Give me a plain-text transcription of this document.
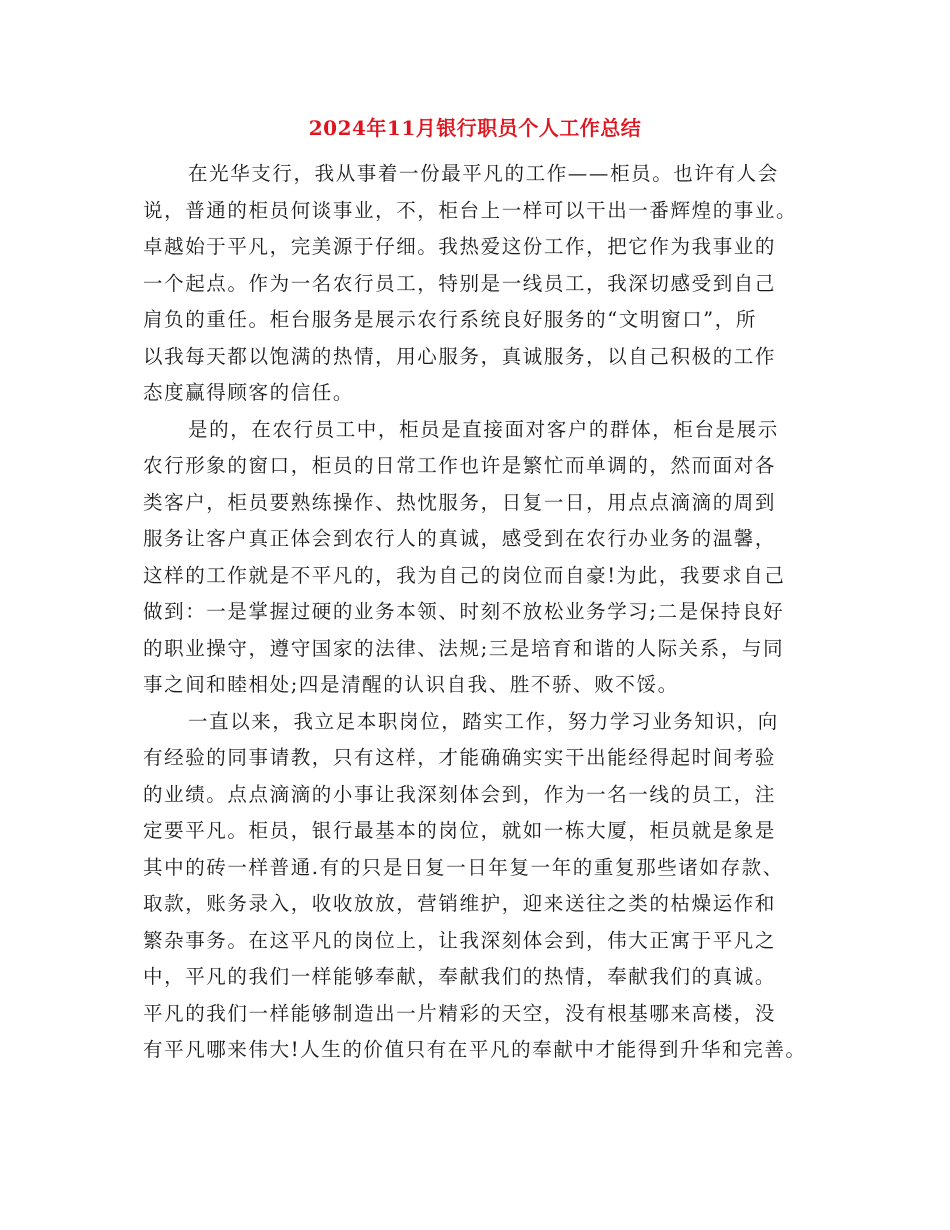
2024年11月银行职员个人工作总结
在光华支行，我从事着一份最平凡的工作——柜员。也许有人会
说，普通的柜员何谈事业，不，柜台上一样可以干出一番辉煌的事业。
卓越始于平凡，完美源于仔细。我热爱这份工作，把它作为我事业的
一个起点。作为一名农行员工，特别是一线员工，我深切感受到自己
肩负的重任。柜台服务是展示农行系统良好服务的“文明窗口”，所
以我每天都以饱满的热情，用心服务，真诚服务，以自己积极的工作
态度赢得顾客的信任。
是的，在农行员工中，柜员是直接面对客户的群体，柜台是展示
农行形象的窗口，柜员的日常工作也许是繁忙而单调的，然而面对各
类客户，柜员要熟练操作、热忱服务，日复一日，用点点滴滴的周到
服务让客户真正体会到农行人的真诚，感受到在农行办业务的温馨，
这样的工作就是不平凡的，我为自己的岗位而自豪!为此，我要求自己
做到：一是掌握过硬的业务本领、时刻不放松业务学习;二是保持良好
的职业操守，遵守国家的法律、法规;三是培育和谐的人际关系，与同
事之间和睦相处;四是清醒的认识自我、胜不骄、败不馁。
一直以来，我立足本职岗位，踏实工作，努力学习业务知识，向
有经验的同事请教，只有这样，才能确确实实干出能经得起时间考验
的业绩。点点滴滴的小事让我深刻体会到，作为一名一线的员工，注
定要平凡。柜员，银行最基本的岗位，就如一栋大厦，柜员就是象是
其中的砖一样普通.有的只是日复一日年复一年的重复那些诸如存款、
取款，账务录入，收收放放，营销维护，迎来送往之类的枯燥运作和
繁杂事务。在这平凡的岗位上，让我深刻体会到，伟大正寓于平凡之
中，平凡的我们一样能够奉献，奉献我们的热情，奉献我们的真诚。
平凡的我们一样能够制造出一片精彩的天空，没有根基哪来高楼，没
有平凡哪来伟大!人生的价值只有在平凡的奉献中才能得到升华和完善。
